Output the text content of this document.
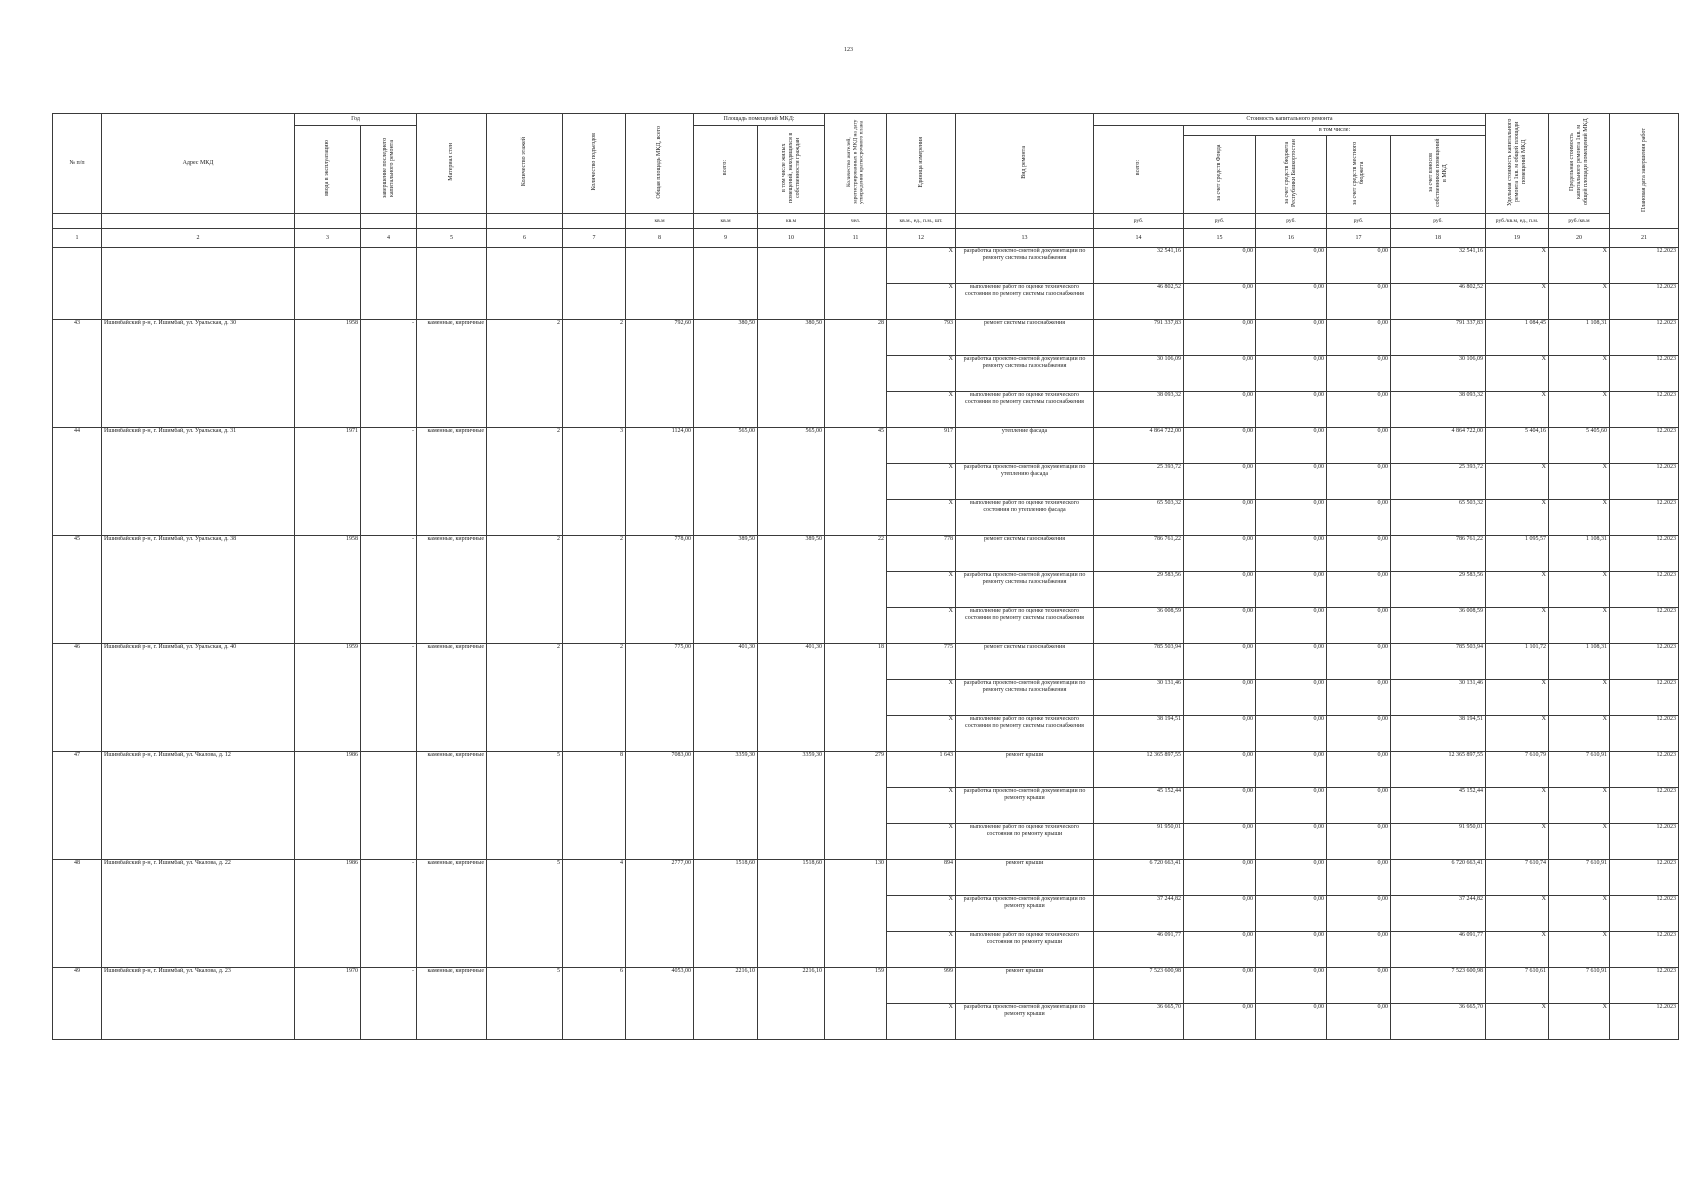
123
№ п/п	Адрес МКД	Год		Материал стен	Количество этажей	Количество подъездов	Общая площадь МКД, всего	Площадь помещений МКД:		Количество жителей, зарегистрированных в МКД на дату утверждения краткосрочного плана	Единица измерения	Вид ремонта	Стоимость капитального ремонта					Удельная стоимость капитального ремонта 1кв. м общей площади помещений МКД	Предельная стоимость капитального ремонта 1кв. м общей площади помещений МКД	Плановая дата завершения работ
		ввода в эксплуатацию	завершение последнего капитального ремонта					всего:	в том числе жилых помещений, находящихся в собственности граждан				всего:	в том числе:						
														за счет средств Фонда	за счет средств бюджета Республики Башкортостан	за счет средств местного бюджета	за счет взносов собственников помещений в МКД			
							кв.м	кв.м	кв.м	чел.	кв.м., ед., п.м., шт.		руб.	руб.	руб.	руб.	руб.	руб./кв.м, ед., п.м.	руб./кв.м	
1	2	3	4	5	6	7	8	9	10	11	12	13	14	15	16	17	18	19	20	21
											X	разработка проектно-сметной документации по ремонту системы газоснабжения	32 541,16	0,00	0,00	0,00	32 541,16	X	X	12.2023
											X	выполнение работ по оценке технического состояния по ремонту системы газоснабжения	46 802,52	0,00	0,00	0,00	46 802,52	X	X	12.2023
43	Ишимбайский р-н, г. Ишимбай, ул. Уральская, д. 30	1958	-	каменные, кирпичные	2	2	792,60	380,50	380,50	28	793	ремонт системы газоснабжения	791 337,83	0,00	0,00	0,00	791 337,83	1 084,45	1 108,31	12.2023
											X	разработка проектно-сметной документации по ремонту системы газоснабжения	30 106,09	0,00	0,00	0,00	30 106,09	X	X	12.2023
											X	выполнение работ по оценке технического состояния по ремонту системы газоснабжения	38 093,32	0,00	0,00	0,00	38 093,32	X	X	12.2023
44	Ишимбайский р-н, г. Ишимбай, ул. Уральская, д. 31	1971	-	каменные, кирпичные	2	3	1124,00	565,00	565,00	45	917	утепление фасада	4 864 722,00	0,00	0,00	0,00	4 864 722,00	5 404,16	5 405,60	12.2023
											X	разработка проектно-сметной документации по утеплению фасада	25 393,72	0,00	0,00	0,00	25 393,72	X	X	12.2023
											X	выполнение работ по оценке технического состояния по утеплению фасада	65 503,32	0,00	0,00	0,00	65 503,32	X	X	12.2023
45	Ишимбайский р-н, г. Ишимбай, ул. Уральская, д. 38	1958	-	каменные, кирпичные	2	2	778,00	389,50	389,50	22	778	ремонт системы газоснабжения	786 761,22	0,00	0,00	0,00	786 761,22	1 095,57	1 108,31	12.2023
											X	разработка проектно-сметной документации по ремонту системы газоснабжения	29 583,56	0,00	0,00	0,00	29 583,56	X	X	12.2023
											X	выполнение работ по оценке технического состояния по ремонту системы газоснабжения	36 008,59	0,00	0,00	0,00	36 008,59	X	X	12.2023
46	Ишимбайский р-н, г. Ишимбай, ул. Уральская, д. 40	1959	-	каменные, кирпичные	2	2	775,00	401,30	401,30	18	775	ремонт системы газоснабжения	785 503,94	0,00	0,00	0,00	785 503,94	1 101,72	1 108,31	12.2023
											X	разработка проектно-сметной документации по ремонту системы газоснабжения	30 131,46	0,00	0,00	0,00	30 131,46	X	X	12.2023
											X	выполнение работ по оценке технического состояния по ремонту системы газоснабжения	38 194,51	0,00	0,00	0,00	38 194,51	X	X	12.2023
47	Ишимбайский р-н, г. Ишимбай, ул. Чкалова, д. 12	1986		каменные, кирпичные	5	8	7083,00	3359,30	3359,30	279	1 643	ремонт крыши	12 365 897,55	0,00	0,00	0,00	12 365 897,55	7 610,79	7 610,91	12.2023
											X	разработка проектно-сметной документации по ремонту крыши	45 152,44	0,00	0,00	0,00	45 152,44	X	X	12.2023
											X	выполнение работ по оценке технического состояния по ремонту крыши	91 950,01	0,00	0,00	0,00	91 950,01	X	X	12.2023
48	Ишимбайский р-н, г. Ишимбай, ул. Чкалова, д. 22	1986	-	каменные, кирпичные	5	4	2777,00	1518,60	1518,60	130	894	ремонт крыши	6 720 663,41	0,00	0,00	0,00	6 720 663,41	7 610,74	7 610,91	12.2023
											X	разработка проектно-сметной документации по ремонту крыши	37 244,82	0,00	0,00	0,00	37 244,82	X	X	12.2023
											X	выполнение работ по оценке технического состояния по ремонту крыши	46 091,77	0,00	0,00	0,00	46 091,77	X	X	12.2023
49	Ишимбайский р-н, г. Ишимбай, ул. Чкалова, д. 23	1970	-	каменные, кирпичные	5	6	4053,00	2216,10	2216,10	159	999	ремонт крыши	7 523 600,98	0,00	0,00	0,00	7 523 600,98	7 610,61	7 610,91	12.2023
											X	разработка проектно-сметной документации по ремонту крыши	36 665,70	0,00	0,00	0,00	36 665,70	X	X	12.2023
